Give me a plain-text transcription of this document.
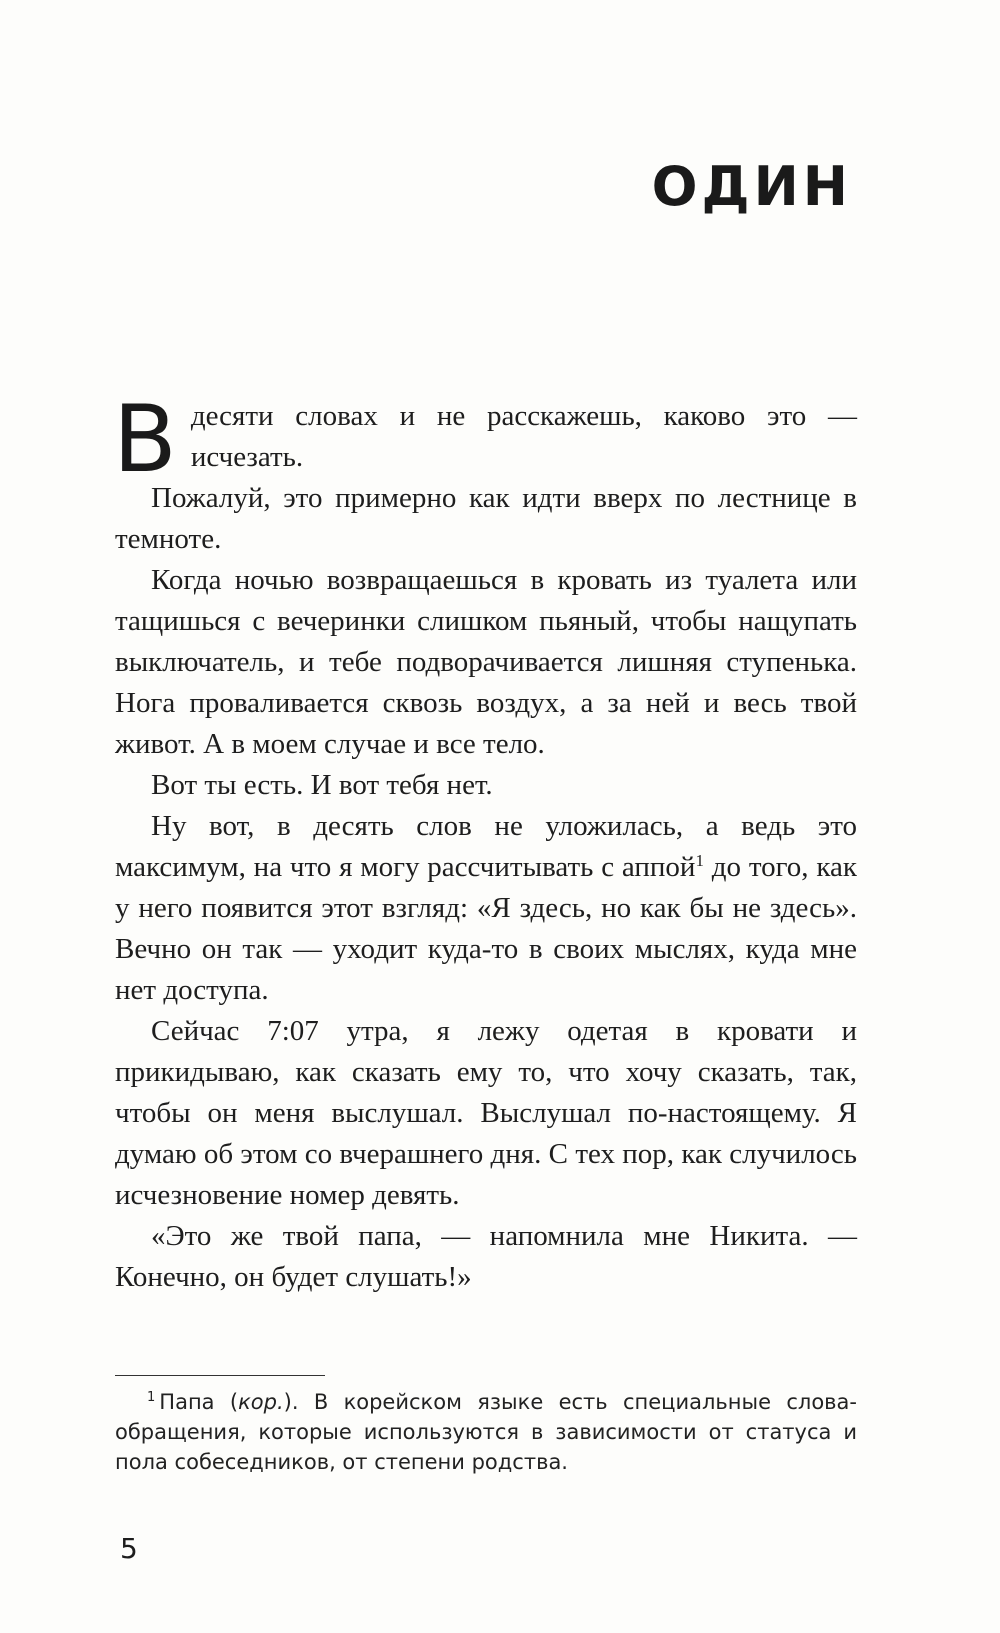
ОДИН

В десяти словах и не расскажешь, каково это — исчезать.

Пожалуй, это примерно как идти вверх по лестнице в темноте.

Когда ночью возвращаешься в кровать из туалета или тащишься с вечеринки слишком пьяный, чтобы нащупать выключатель, и тебе подворачивается лишняя ступенька. Нога проваливается сквозь воздух, а за ней и весь твой живот. А в моем случае и все тело.

Вот ты есть. И вот тебя нет.

Ну вот, в десять слов не уложилась, а ведь это максимум, на что я могу рассчитывать с аппой$^1$ до того, как у него появится этот взгляд: «Я здесь, но как бы не здесь». Вечно он так — уходит куда-то в своих мыслях, куда мне нет доступа.

Сейчас 7:07 утра, я лежу одетая в кровати и прикидываю, как сказать ему то, что хочу сказать, так, чтобы он меня выслушал. Выслушал по-настоящему. Я думаю об этом со вчерашнего дня. С тех пор, как случилось исчезновение номер девять.

«Это же твой папа, — напомнила мне Никита. — Конечно, он будет слушать!»

$^1$ Папа (кор.). В корейском языке есть специальные слова-обращения, которые используются в зависимости от статуса и пола собеседников, от степени родства.

5
